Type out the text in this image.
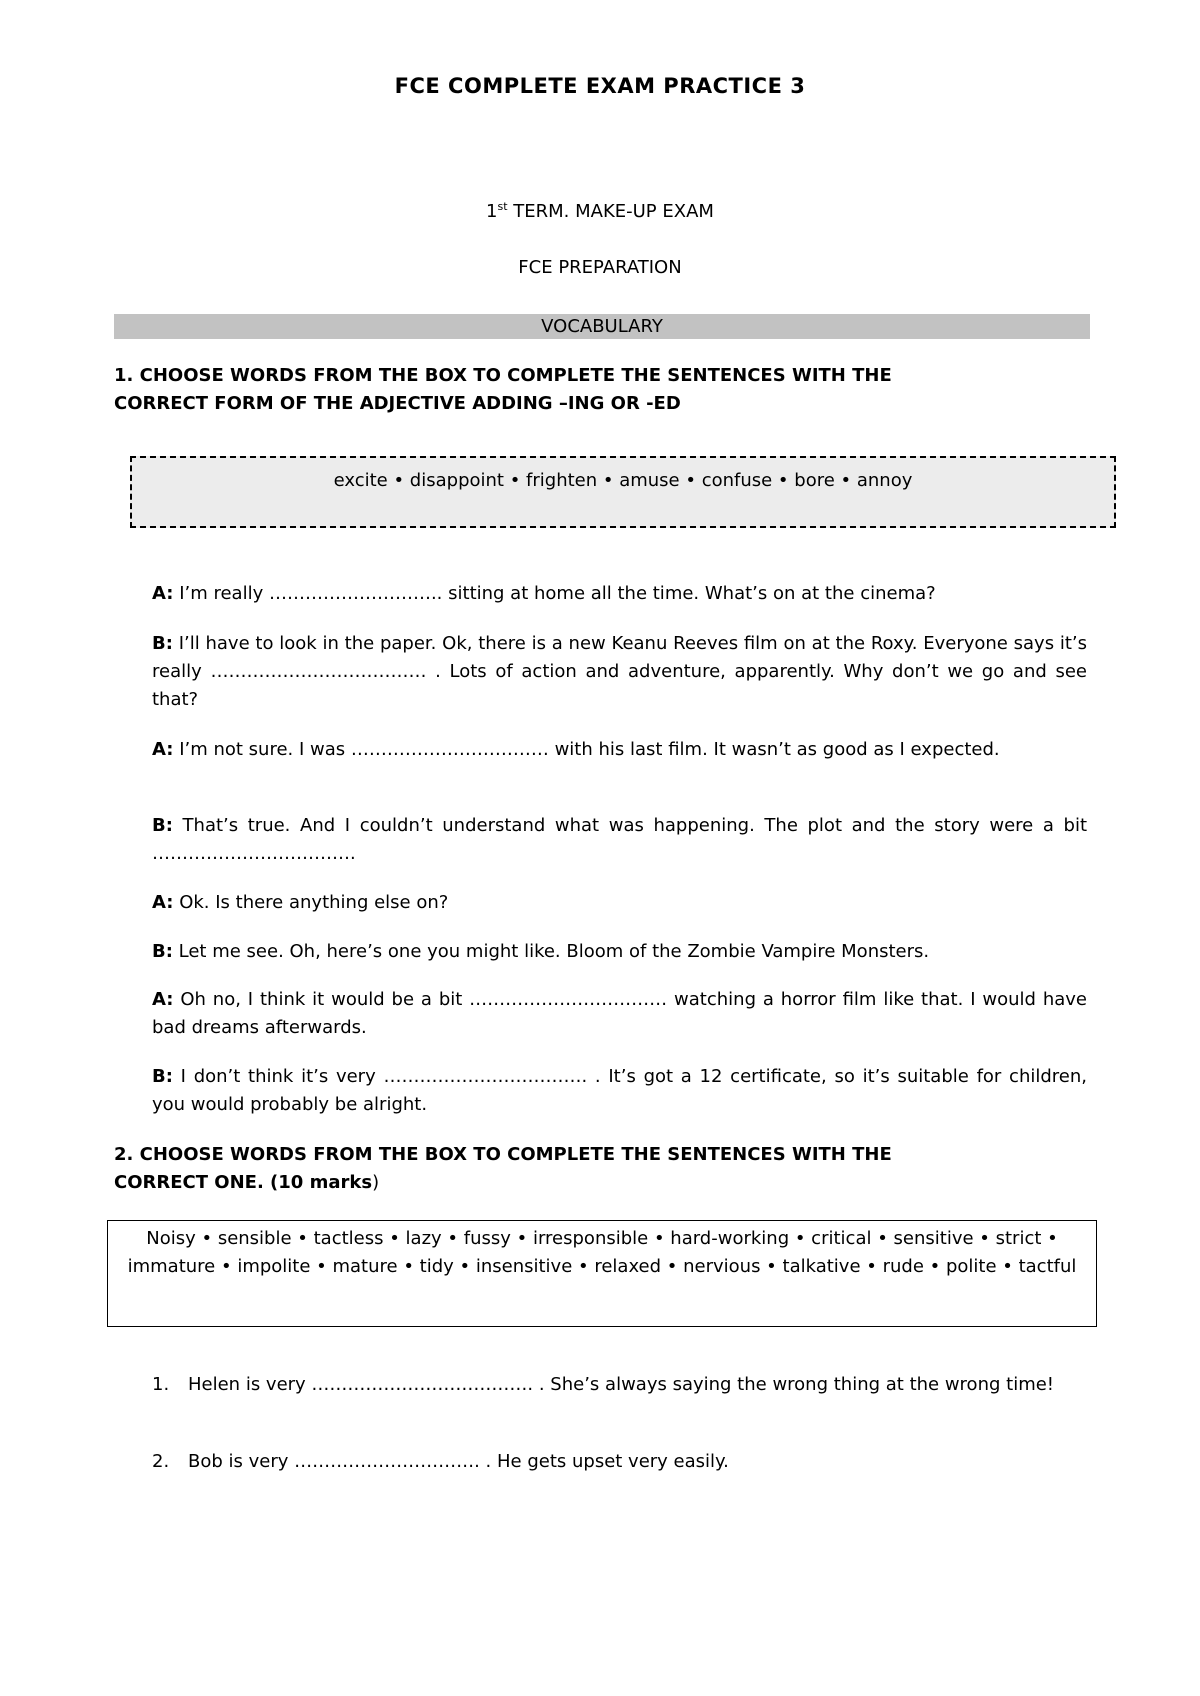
FCE COMPLETE EXAM PRACTICE 3
1st TERM. MAKE-UP EXAM
FCE PREPARATION
VOCABULARY
1. CHOOSE WORDS FROM THE BOX TO COMPLETE THE SENTENCES WITH THE
CORRECT FORM OF THE ADJECTIVE ADDING –ING OR -ED
excite • disappoint • frighten • amuse • confuse • bore • annoy
A: I’m really ……………………….. sitting at home all the time. What’s on at the cinema?
B: I’ll have to look in the paper. Ok, there is a new Keanu Reeves film on at the Roxy. Everyone says it’s really ……………………………… . Lots of action and adventure, apparently. Why don’t we go and see that?
A: I’m not sure. I was …………………………… with his last film. It wasn’t as good as I expected.
B: That’s true. And I couldn’t understand what was happening. The plot and the story were a bit …………………………….
A: Ok. Is there anything else on?
B: Let me see. Oh, here’s one you might like. Bloom of the Zombie Vampire Monsters.
A: Oh no, I think it would be a bit …………………………… watching a horror film like that. I would have bad dreams afterwards.
B: I don’t think it’s very ……………………………. . It’s got a 12 certificate, so it’s suitable for children, you would probably be alright.
2. CHOOSE WORDS FROM THE BOX TO COMPLETE THE SENTENCES WITH THE
CORRECT ONE. (10 marks)
Noisy • sensible • tactless • lazy • fussy • irresponsible • hard-working • critical • sensitive • strict • immature • impolite • mature • tidy • insensitive • relaxed • nervious • talkative • rude • polite • tactful
1. Helen is very ………………………………. . She’s always saying the wrong thing at the wrong time!
2. Bob is very …………………………. . He gets upset very easily.
